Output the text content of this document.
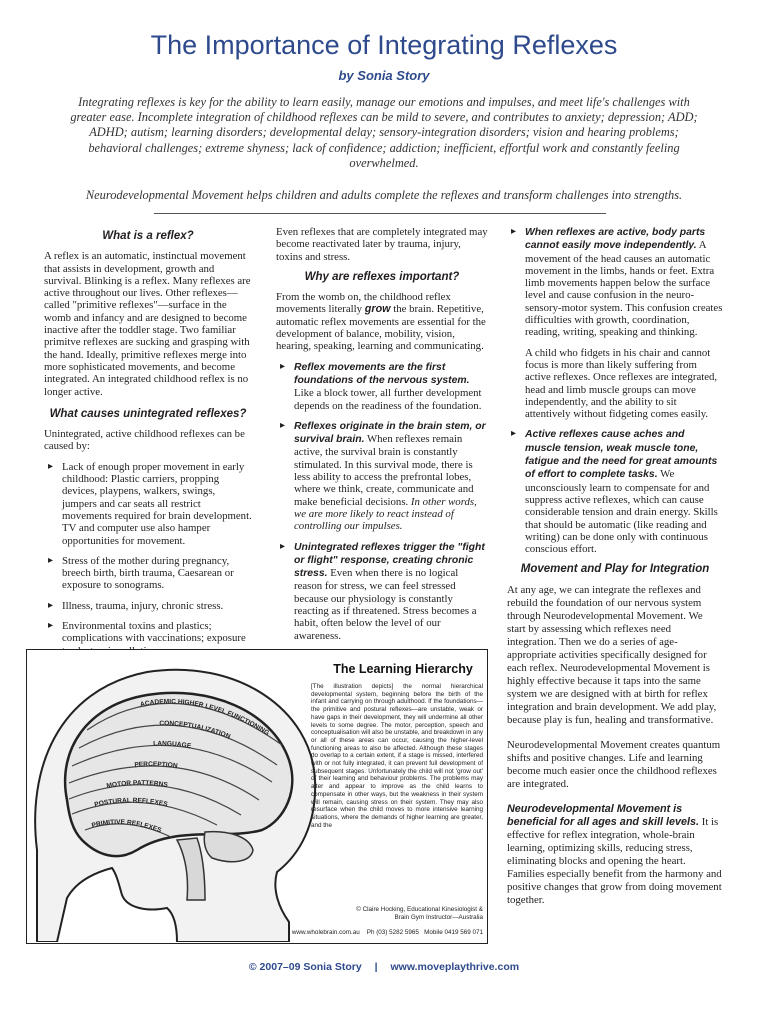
The Importance of Integrating Reflexes
by Sonia Story
Integrating reflexes is key for the ability to learn easily, manage our emotions and impulses, and meet life's challenges with greater ease. Incomplete integration of childhood reflexes can be mild to severe, and contributes to anxiety; depression; ADD; ADHD; autism; learning disorders; developmental delay; sensory-integration disorders; vision and hearing problems; behavioral challenges; extreme shyness; lack of confidence; addiction; inefficient, effortful work and constantly feeling overwhelmed.
Neurodevelopmental Movement helps children and adults complete the reflexes and transform challenges into strengths.
What is a reflex?

A reflex is an automatic, instinctual movement that assists in development, growth and survival. Blinking is a reflex. Many reflexes are active throughout our lives. Other reflexes—called "primitive reflexes"—surface in the womb and infancy and are designed to become inactive after the toddler stage. Two familiar primitve reflexes are sucking and grasping with the hand. Ideally, primitive reflexes merge into more sophisticated movements, and become integrated. An integrated childhood reflex is no longer active.

What causes unintegrated reflexes?

Unintegrated, active childhood reflexes can be caused by:

▸ Lack of enough proper movement in early childhood: Plastic carriers, propping devices, playpens, walkers, swings, jumpers and car seats all restrict movements required for brain development. TV and computer use also hamper opportunities for movement.
▸ Stress of the mother during pregnancy, breech birth, birth trauma, Caesarean or exposure to sonograms.
▸ Illness, trauma, injury, chronic stress.
▸ Environmental toxins and plastics; complications with vaccinations; exposure

Even reflexes that are completely integrated may become reactivated later by trauma, injury, toxins and stress.

Why are reflexes important?

From the womb on, the childhood reflex movements literally grow the brain. Repetitive, automatic reflex movements are essential for the development of balance, mobility, vision, hearing, speaking, learning and communicating.

▸ Reflex movements are the first foundations of the nervous system. Like a block tower, all further development depends on the readiness of the foundation.
▸ Reflexes originate in the brain stem, or survival brain. When reflexes remain active, the survival brain is constantly stimulated. In this survival mode, there is less ability to access the prefrontal lobes, where we think, create, communicate and make beneficial decisions. In other words, we are more likely to react instead of controlling our impulses.
▸ Unintegrated reflexes trigger the "fight or flight" response, creating chronic stress. Even when there is no logical reason for stress, we can feel stressed because our physiology is constantly reacting as if threatened. Stress becomes a habit, often below the level of our awareness.
▸ When reflexes are active, body parts cannot easily move independently. A movement of the head causes an automatic movement in the limbs, hands or feet. Extra limb movements happen below the surface level and cause confusion in the neuro-sensory-motor system. This confusion creates difficulties with growth, coordination, reading, writing, speaking and thinking.

A child who fidgets in his chair and cannot focus is more than likely suffering from active reflexes. Once reflexes are integrated, head and limb muscle groups can move independently, and the ability to sit attentively without fidgeting comes easily.

▸ Active reflexes cause aches and muscle tension, weak muscle tone, fatigue and the need for great amounts of effort to complete tasks. We unconsciously learn to compensate for and suppress active reflexes, which can cause considerable tension and drain energy. Skills that should be automatic (like reading and writing) can be done only with continuous conscious effort.
Movement and Play for Integration

At any age, we can integrate the reflexes and rebuild the foundation of our nervous system through Neurodevelopmental Movement. We start by assessing which reflexes need integration. Then we do a series of age-appropriate activities specifically designed for each reflex. Neurodevelopmental Movement is highly effective because it taps into the same system we are designed with at birth for reflex integration and brain development. We add play, because play is fun, healing and transformative.

Neurodevelopmental Movement creates quantum shifts and positive changes. Life and learning become much easier once the childhood reflexes are integrated.

Neurodevelopmental Movement is beneficial for all ages and skill levels. It is effective for reflex integration, whole-brain learning, optimizing skills, reducing stress, eliminating blocks and opening the heart. Families especially benefit from the harmony and positive changes that grow from doing movement together.

ACADEMIC HIGHER LEVEL FUNCTIONING
CONCEPTUALIZATION
LANGUAGE
PERCEPTION
MOTOR PATTERNS
POSTURAL REFLEXES
PRIMITIVE REFLEXES
The Learning Hierarchy
[The illustration depicts] the normal hierarchical developmental system, beginning before the birth of the infant and carrying on through adulthood. If the foundations—the primitive and postural reflexes—are unstable, weak or have gaps in their development, they will undermine all other levels to some degree. The motor, perception, speech and conceptualisation will also be unstable, and breakdown in any or all of these areas can occur, causing the higher-level functioning areas to also be affected. Although these stages do overlap to a certain extent, if a stage is missed, interfered with or not fully integrated, it can prevent full development of subsequent stages. Unfortunately the child will not 'grow out' of their learning and behaviour problems. The problems may alter and appear to improve as the child learns to compensate in other ways, but the weakness in their system will remain, causing stress on their system. They may also resurface when the child moves to more intensive learning situations, where the demands of higher learning are greater, and the
© Claire Hocking, Educational Kinesiologist &
Brain Gym Instructor—Australia
www.wholebrain.com.au Ph (03) 5282 5965 Mobile 0419 569 071
© 2007–09 Sonia Story | www.moveplaythrive.com
